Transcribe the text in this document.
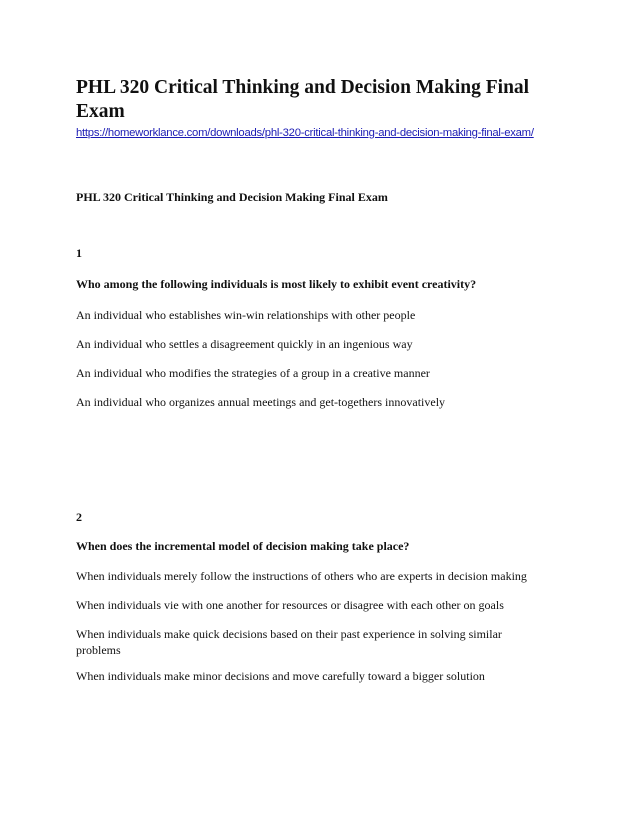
PHL 320 Critical Thinking and Decision Making Final Exam
https://homeworklance.com/downloads/phl-320-critical-thinking-and-decision-making-final-exam/
PHL 320 Critical Thinking and Decision Making Final Exam
1
Who among the following individuals is most likely to exhibit event creativity?
An individual who establishes win-win relationships with other people
An individual who settles a disagreement quickly in an ingenious way
An individual who modifies the strategies of a group in a creative manner
An individual who organizes annual meetings and get-togethers innovatively
2
When does the incremental model of decision making take place?
When individuals merely follow the instructions of others who are experts in decision making
When individuals vie with one another for resources or disagree with each other on goals
When individuals make quick decisions based on their past experience in solving similar problems
When individuals make minor decisions and move carefully toward a bigger solution
